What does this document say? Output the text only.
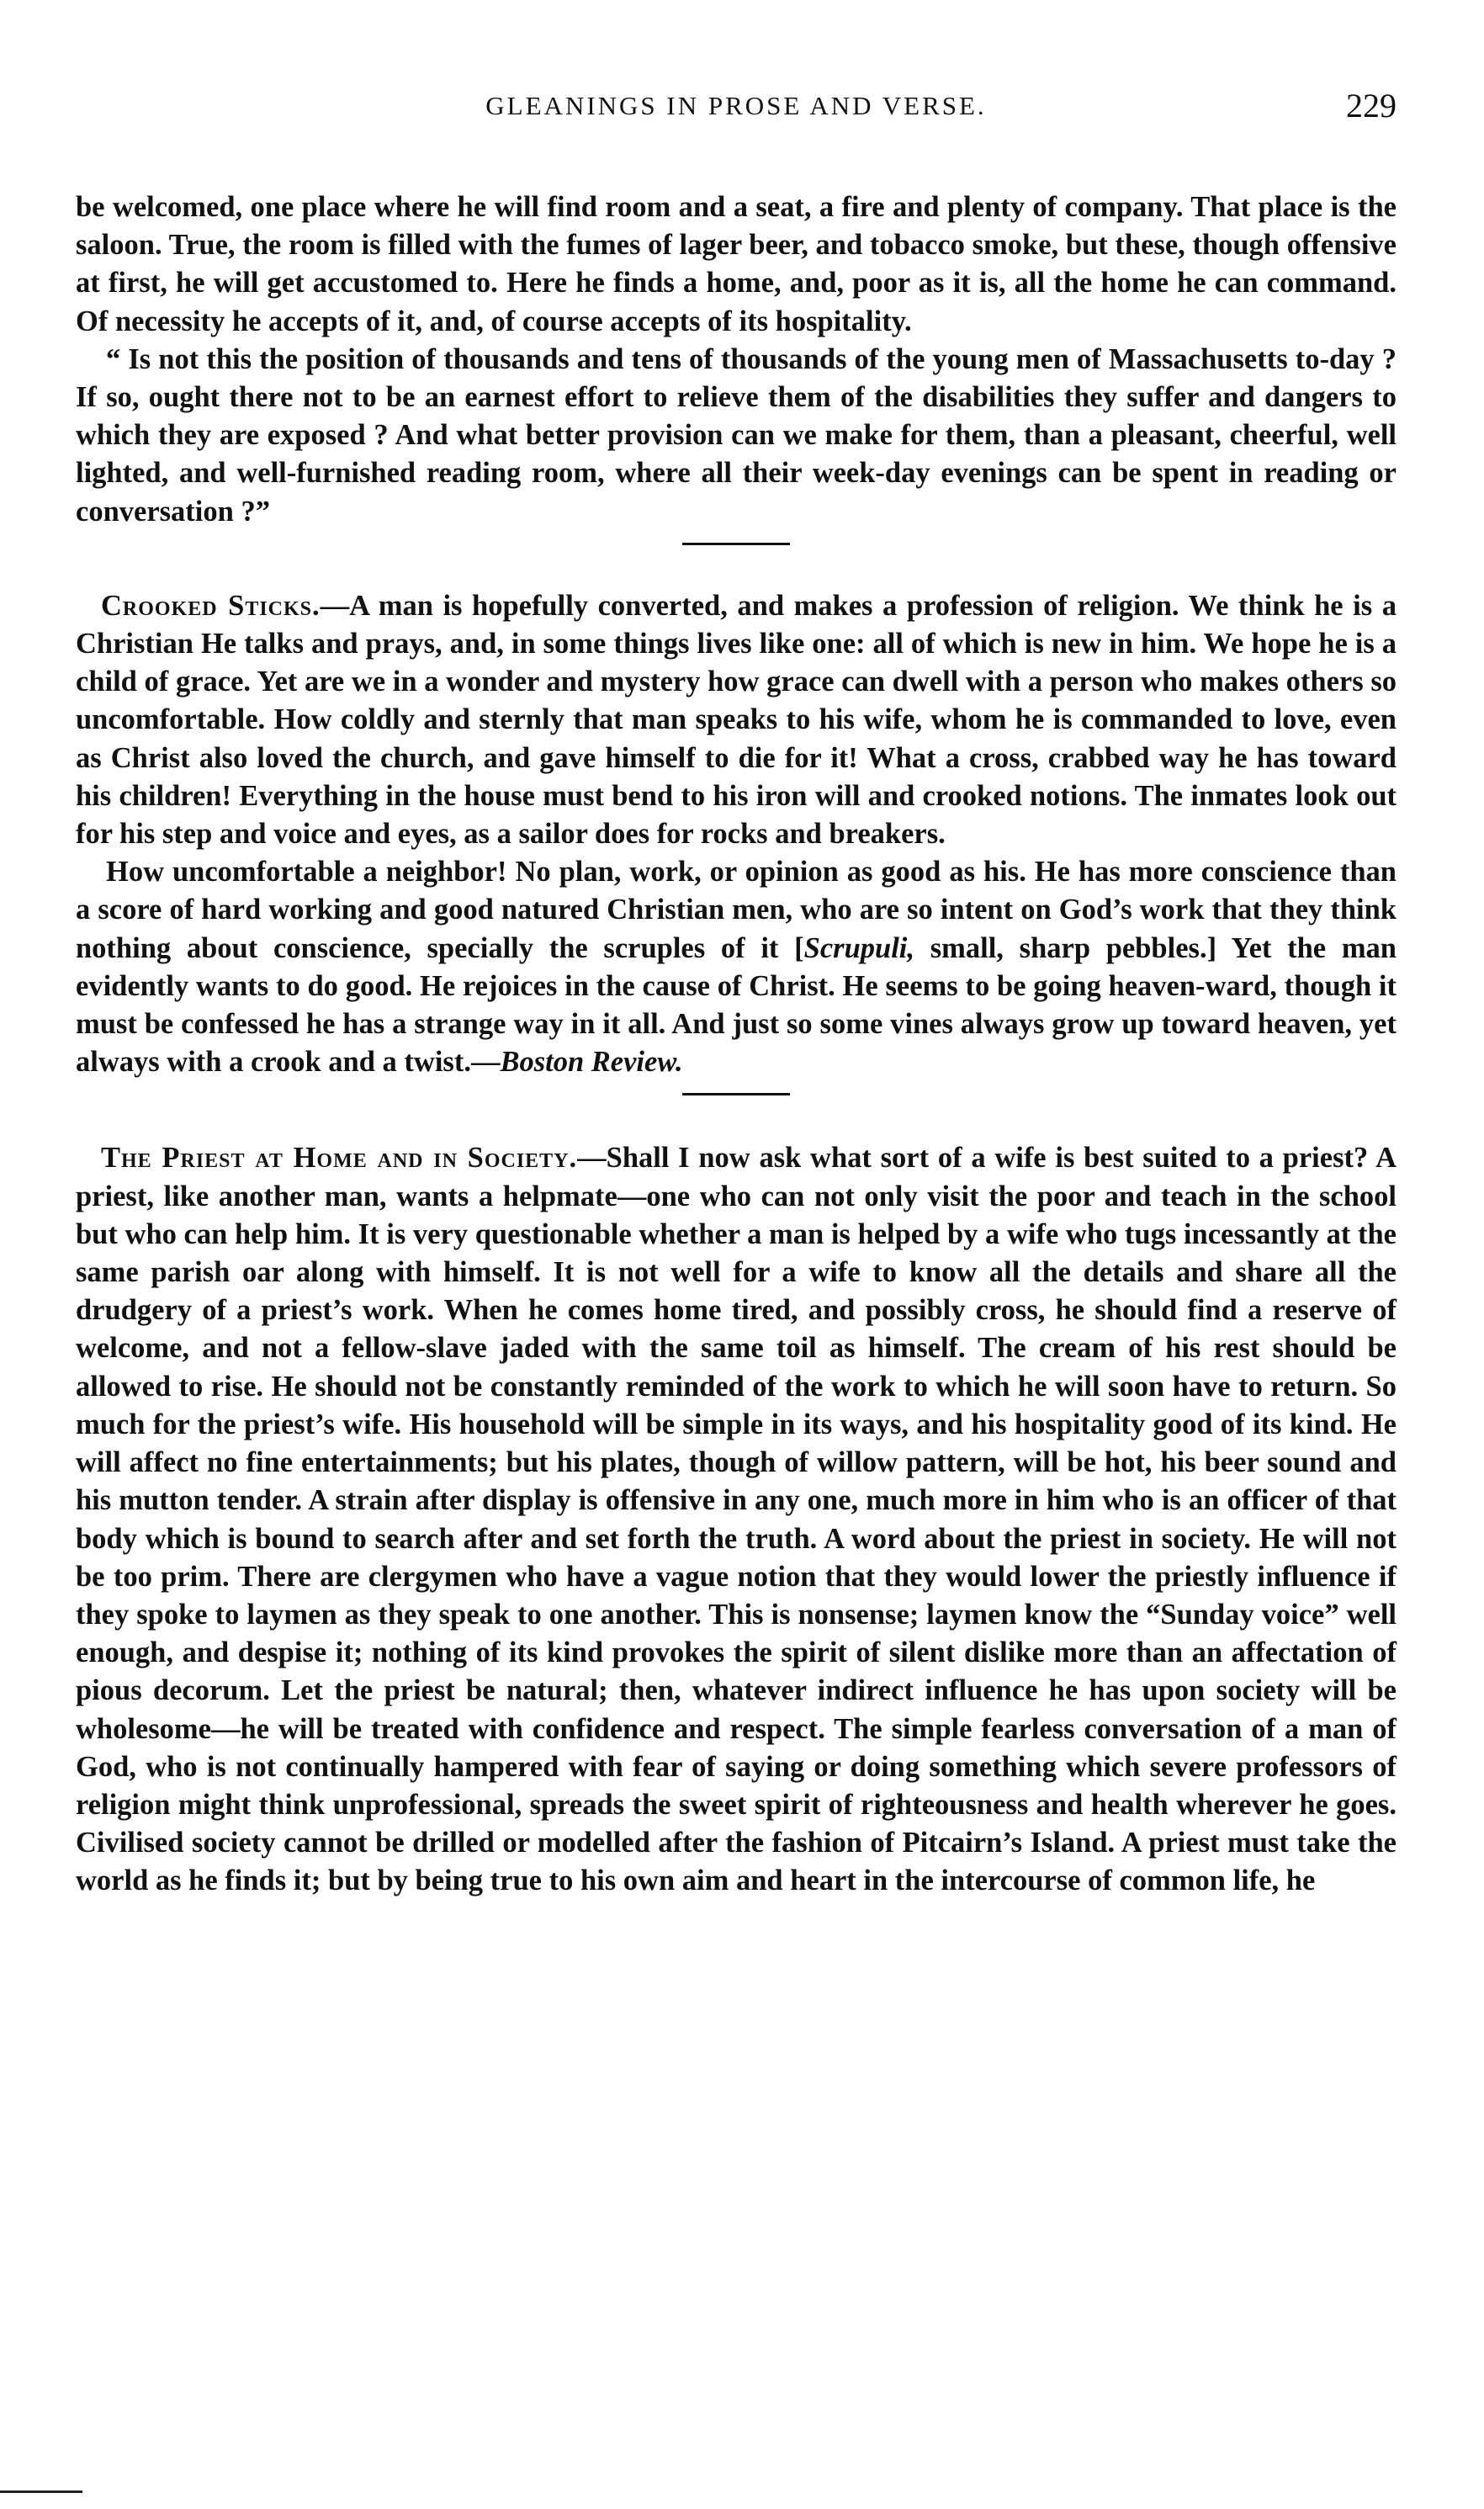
GLEANINGS IN PROSE AND VERSE.	229

be welcomed, one place where he will find room and a seat, a fire and plenty of company. That place is the saloon. True, the room is filled with the fumes of lager beer, and tobacco smoke, but these, though offensive at first, he will get accustomed to. Here he finds a home, and, poor as it is, all the home he can command. Of necessity he accepts of it, and, of course accepts of its hospitality.

“ Is not this the position of thousands and tens of thousands of the young men of Massachusetts to-day ? If so, ought there not to be an earnest effort to relieve them of the disabilities they suffer and dangers to which they are exposed ? And what better provision can we make for them, than a pleasant, cheerful, well lighted, and well-furnished reading room, where all their week-day evenings can be spent in reading or conversation ?”

Crooked Sticks.—A man is hopefully converted, and makes a profession of religion. We think he is a Christian He talks and prays, and, in some things lives like one: all of which is new in him. We hope he is a child of grace. Yet are we in a wonder and mystery how grace can dwell with a person who makes others so uncomfortable. How coldly and sternly that man speaks to his wife, whom he is commanded to love, even as Christ also loved the church, and gave himself to die for it! What a cross, crabbed way he has toward his children! Everything in the house must bend to his iron will and crooked notions. The inmates look out for his step and voice and eyes, as a sailor does for rocks and breakers.

How uncomfortable a neighbor! No plan, work, or opinion as good as his. He has more conscience than a score of hard working and good natured Christian men, who are so intent on God’s work that they think nothing about conscience, specially the scruples of it [Scrupuli, small, sharp pebbles.] Yet the man evidently wants to do good. He rejoices in the cause of Christ. He seems to be going heaven-ward, though it must be confessed he has a strange way in it all. And just so some vines always grow up toward heaven, yet always with a crook and a twist.—Boston Review.

The Priest at Home and in Society.—Shall I now ask what sort of a wife is best suited to a priest? A priest, like another man, wants a helpmate—one who can not only visit the poor and teach in the school but who can help him. It is very questionable whether a man is helped by a wife who tugs incessantly at the same parish oar along with himself. It is not well for a wife to know all the details and share all the drudgery of a priest’s work. When he comes home tired, and possibly cross, he should find a reserve of welcome, and not a fellow-slave jaded with the same toil as himself. The cream of his rest should be allowed to rise. He should not be constantly reminded of the work to which he will soon have to return. So much for the priest’s wife. His household will be simple in its ways, and his hospitality good of its kind. He will affect no fine entertainments; but his plates, though of willow pattern, will be hot, his beer sound and his mutton tender. A strain after display is offensive in any one, much more in him who is an officer of that body which is bound to search after and set forth the truth. A word about the priest in society. He will not be too prim. There are clergymen who have a vague notion that they would lower the priestly influence if they spoke to laymen as they speak to one another. This is nonsense; laymen know the “Sunday voice” well enough, and despise it; nothing of its kind provokes the spirit of silent dislike more than an affectation of pious decorum. Let the priest be natural; then, whatever indirect influence he has upon society will be wholesome—he will be treated with confidence and respect. The simple fearless conversation of a man of God, who is not continually hampered with fear of saying or doing something which severe professors of religion might think unprofessional, spreads the sweet spirit of righteousness and health wherever he goes. Civilised society cannot be drilled or modelled after the fashion of Pitcairn’s Island. A priest must take the world as he finds it; but by being true to his own aim and heart in the intercourse of common life, he
